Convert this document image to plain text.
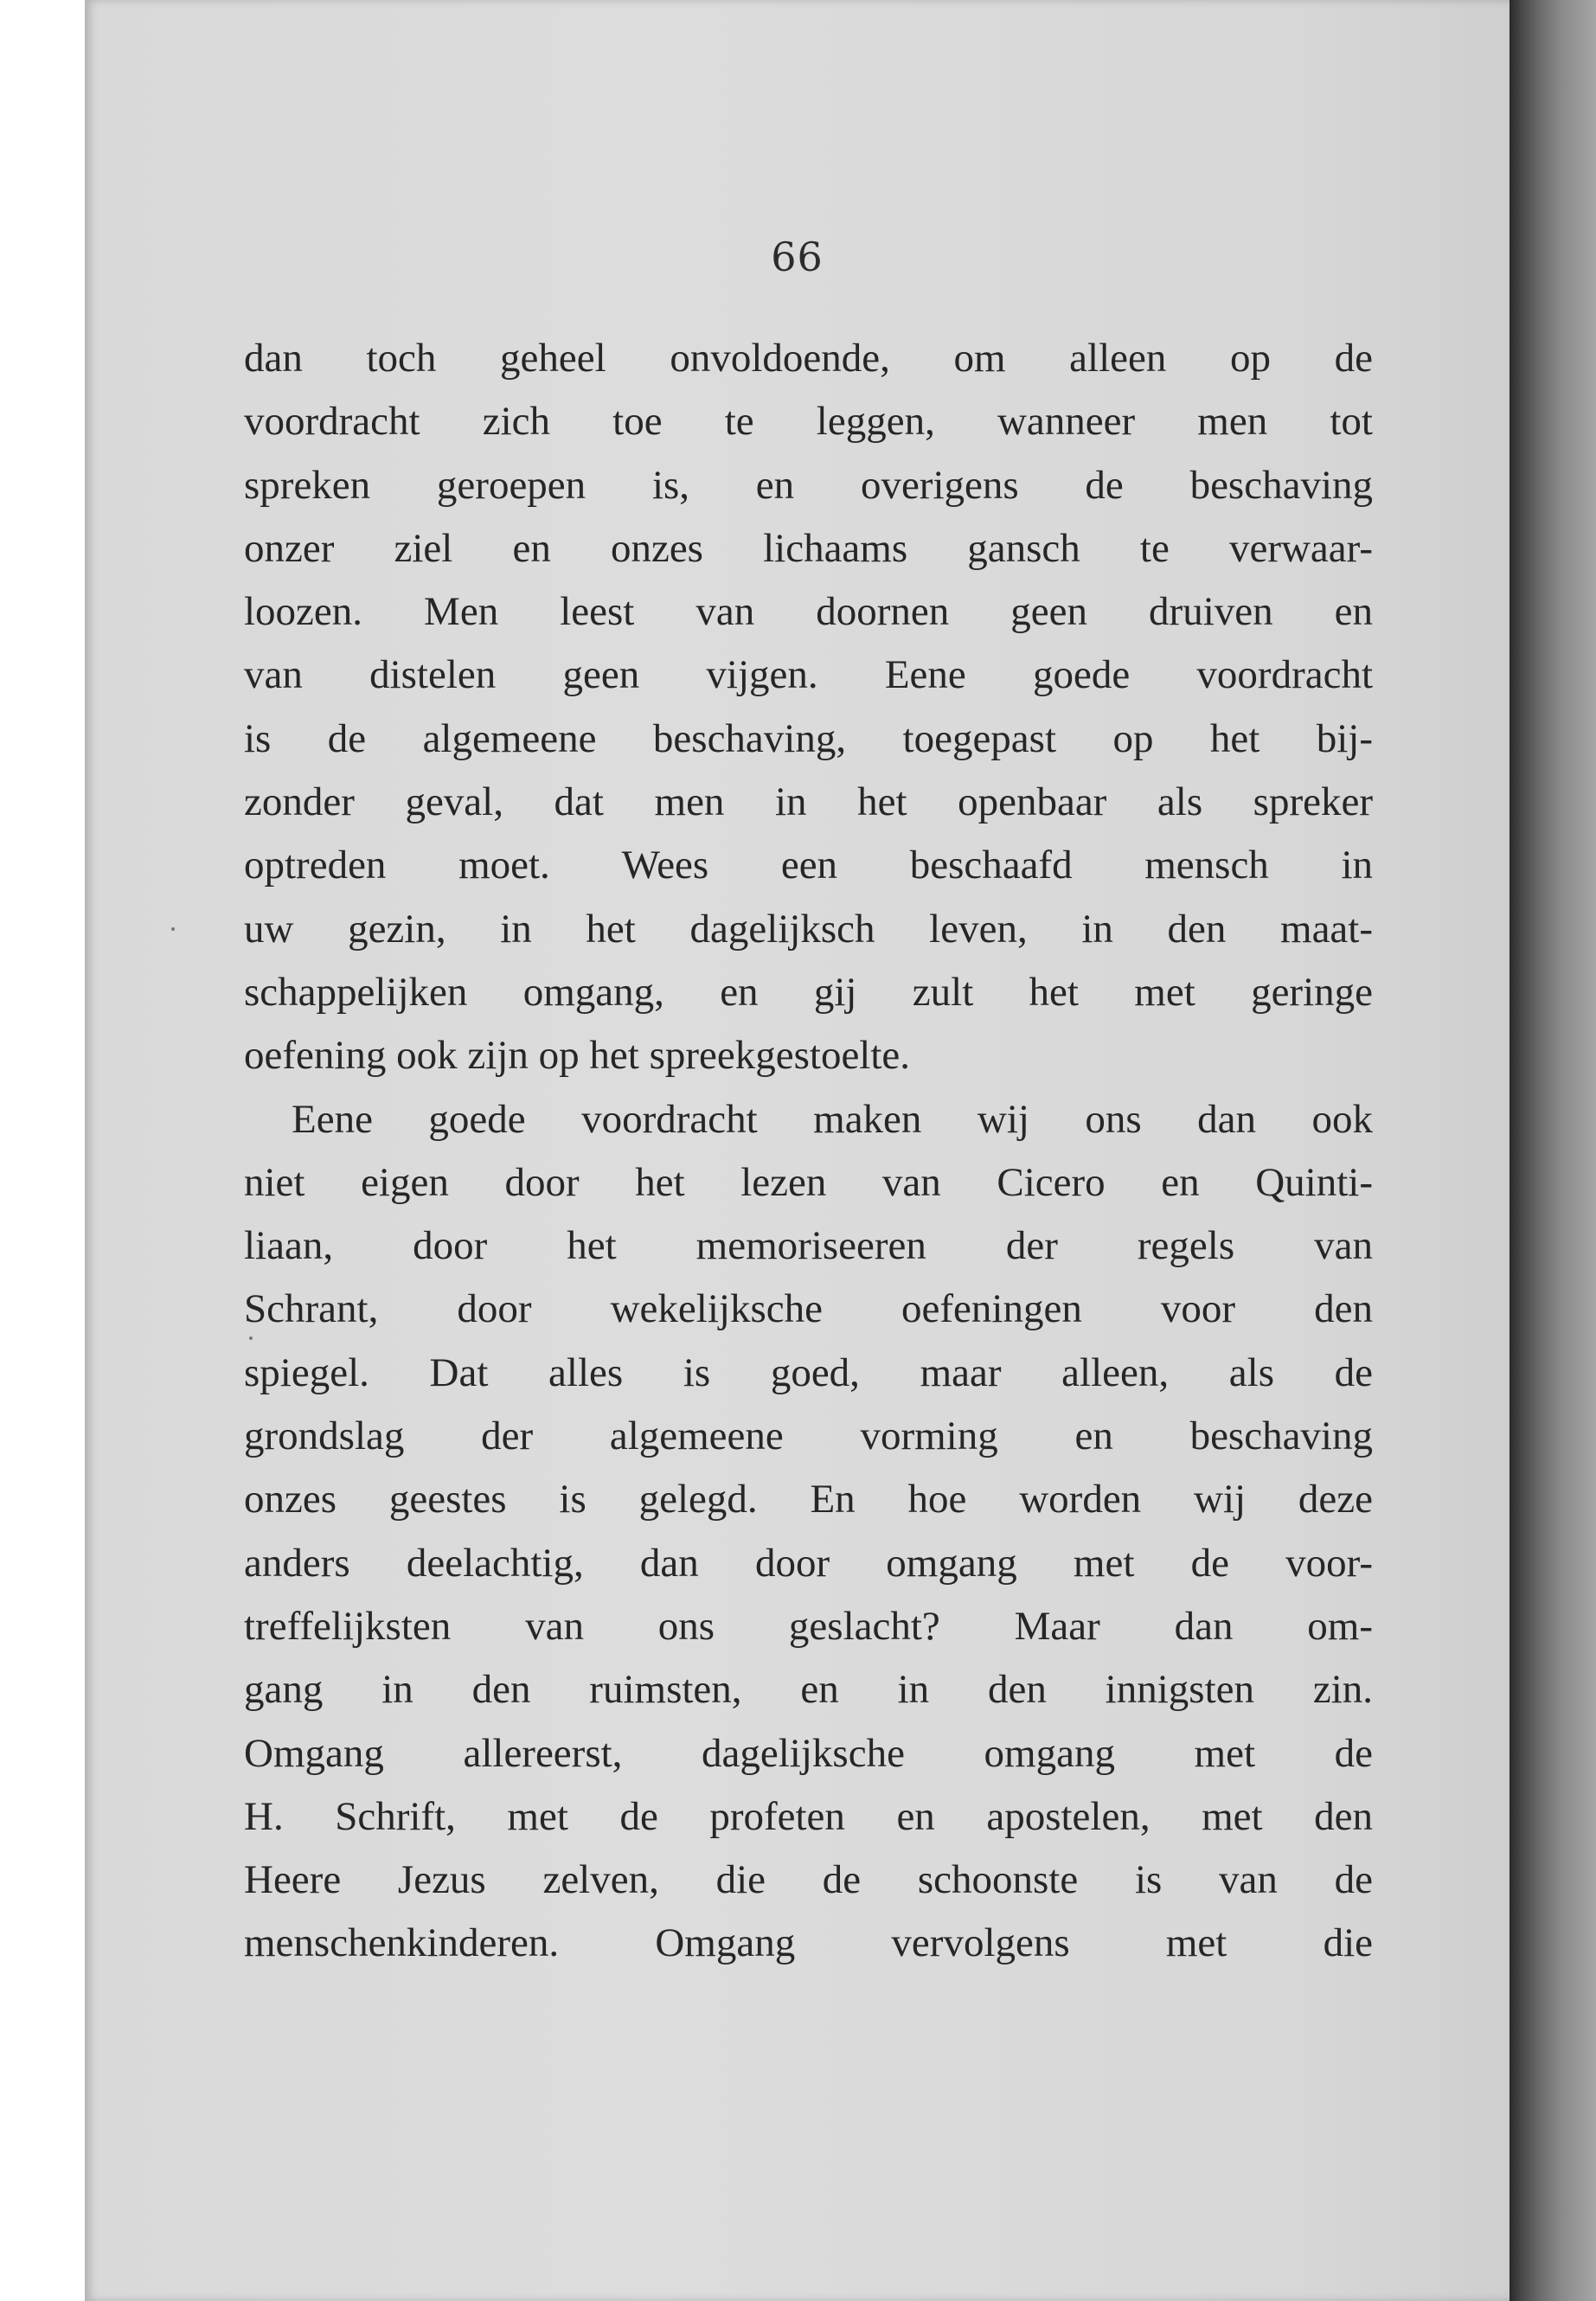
66
dan toch geheel onvoldoende, om alleen op de
voordracht zich toe te leggen, wanneer men tot
spreken geroepen is, en overigens de beschaving
onzer ziel en onzes lichaams gansch te verwaar-
loozen. Men leest van doornen geen druiven en
van distelen geen vijgen. Eene goede voordracht
is de algemeene beschaving, toegepast op het bij-
zonder geval, dat men in het openbaar als spreker
optreden moet. Wees een beschaafd mensch in
uw gezin, in het dagelijksch leven, in den maat-
schappelijken omgang, en gij zult het met geringe
oefening ook zijn op het spreekgestoelte.
Eene goede voordracht maken wij ons dan ook
niet eigen door het lezen van Cicero en Quinti-
liaan, door het memoriseeren der regels van
Schrant, door wekelijksche oefeningen voor den
spiegel. Dat alles is goed, maar alleen, als de
grondslag der algemeene vorming en beschaving
onzes geestes is gelegd. En hoe worden wij deze
anders deelachtig, dan door omgang met de voor-
treffelijksten van ons geslacht? Maar dan om-
gang in den ruimsten, en in den innigsten zin.
Omgang allereerst, dagelijksche omgang met de
H. Schrift, met de profeten en apostelen, met den
Heere Jezus zelven, die de schoonste is van de
menschenkinderen. Omgang vervolgens met die
